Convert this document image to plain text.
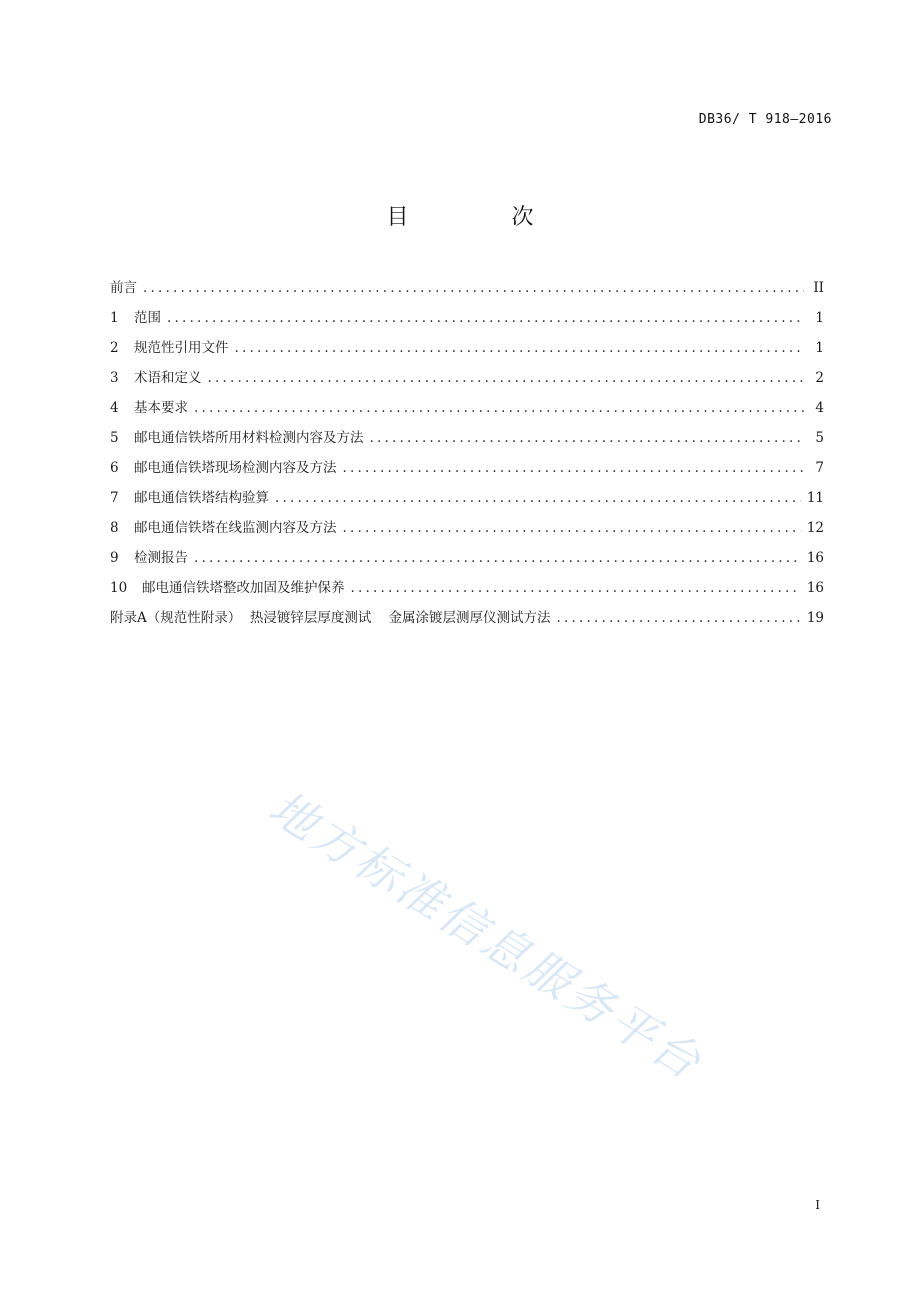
DB36/ T 918—2016
目 次
前言 .....	II
1	范围 .....	1
2	规范性引用文件 .....	1
3	术语和定义 .....	2
4	基本要求 .....	4
5	邮电通信铁塔所用材料检测内容及方法 .....	5
6	邮电通信铁塔现场检测内容及方法 .....	7
7	邮电通信铁塔结构验算 .....	11
8	邮电通信铁塔在线监测内容及方法 .....	12
9	检测报告 .....	16
10	邮电通信铁塔整改加固及维护保养 .....	16
附录A（规范性附录）  热浸镀锌层厚度测试    金属涂镀层测厚仪测试方法 .....	19
地方标准信息服务平台
I
